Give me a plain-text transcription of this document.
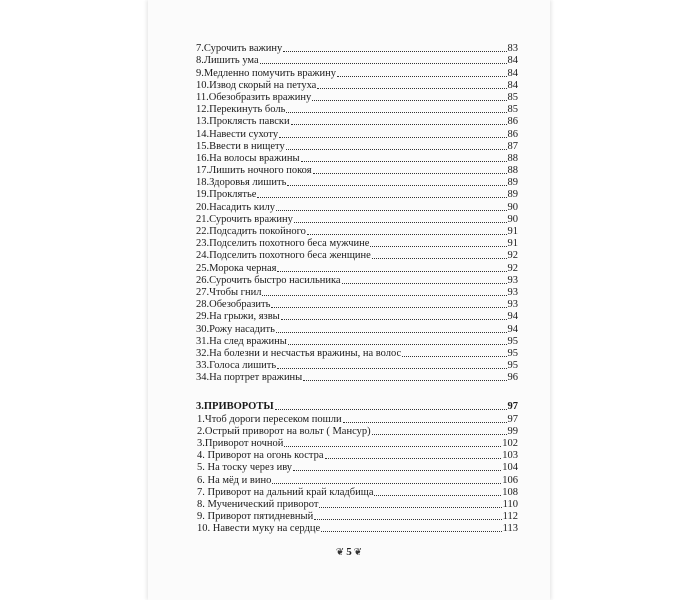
7.Сурочить важину	83
8.Лишить ума	84
9.Медленно помучить вражину	84
10.Извод скорый на петуха	84
11.Обезобразить вражину	85
12.Перекинуть боль	85
13.Проклясть павски	86
14.Навести сухоту	86
15.Ввести в нищету	87
16.На волосы вражины	88
17.Лишить ночного покоя	88
18.Здоровья лишить	89
19.Проклятье	89
20.Насадить килу	90
21.Сурочить вражину	90
22.Подсадить покойного	91
23.Подселить похотного беса мужчине	91
24.Подселить похотного беса женщине	92
25.Морока черная	92
26.Сурочить быстро насильника	93
27.Чтобы гнил	93
28.Обезобразить	93
29.На грыжи, язвы	94
30.Рожу насадить	94
31.На след вражины	95
32.На болезни и несчастья вражины, на волос	95
33.Голоса лишить	95
34.На портрет вражины	96
3.ПРИВОРОТЫ	97
1.Чтоб дороги пересеком пошли	97
2.Острый приворот на вольт ( Мансур)	99
3.Приворот ночной	102
4. Приворот на огонь костра	103
5. На тоску через иву	104
6. На мёд и вино	106
7. Приворот на дальний край кладбища	108
8. Мученический приворот	110
9. Приворот пятидневный	112
10. Навести муку на сердце	113
❦ 5 ❦
